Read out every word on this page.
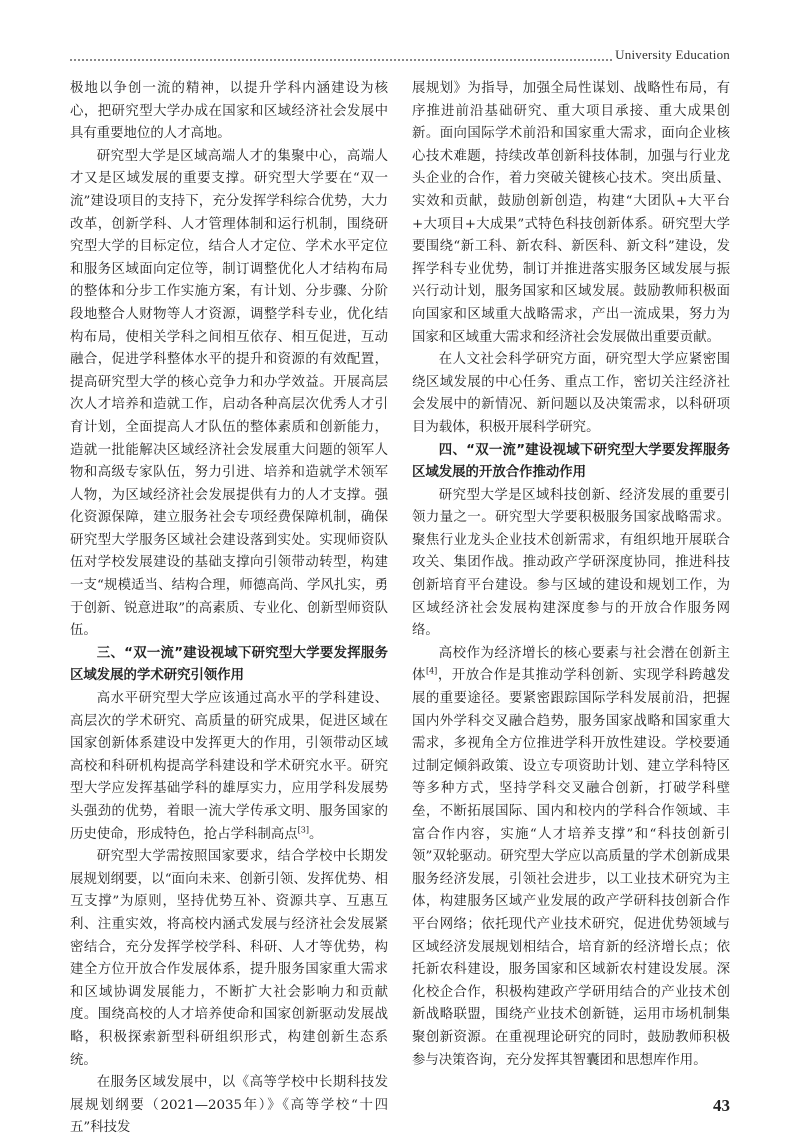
University Education

极地以争创一流的精神，以提升学科内涵建设为核心，把研究型大学办成在国家和区域经济社会发展中具有重要地位的人才高地。

研究型大学是区域高端人才的集聚中心，高端人才又是区域发展的重要支撑。研究型大学要在“双一流”建设项目的支持下，充分发挥学科综合优势，大力改革，创新学科、人才管理体制和运行机制，围绕研究型大学的目标定位，结合人才定位、学术水平定位和服务区域面向定位等，制订调整优化人才结构布局的整体和分步工作实施方案，有计划、分步骤、分阶段地整合人财物等人才资源，调整学科专业，优化结构布局，使相关学科之间相互依存、相互促进，互动融合，促进学科整体水平的提升和资源的有效配置，提高研究型大学的核心竞争力和办学效益。开展高层次人才培养和造就工作，启动各种高层次优秀人才引育计划，全面提高人才队伍的整体素质和创新能力，造就一批能解决区域经济社会发展重大问题的领军人物和高级专家队伍，努力引进、培养和造就学术领军人物，为区域经济社会发展提供有力的人才支撑。强化资源保障，建立服务社会专项经费保障机制，确保研究型大学服务区域社会建设落到实处。实现师资队伍对学校发展建设的基础支撑向引领带动转型，构建一支“规模适当、结构合理，师德高尚、学风扎实，勇于创新、锐意进取”的高素质、专业化、创新型师资队伍。

三、“双一流”建设视域下研究型大学要发挥服务区域发展的学术研究引领作用

高水平研究型大学应该通过高水平的学科建设、高层次的学术研究、高质量的研究成果，促进区域在国家创新体系建设中发挥更大的作用，引领带动区域高校和科研机构提高学科建设和学术研究水平。研究型大学应发挥基础学科的雄厚实力，应用学科发展势头强劲的优势，着眼一流大学传承文明、服务国家的历史使命，形成特色，抢占学科制高点[3]。

研究型大学需按照国家要求，结合学校中长期发展规划纲要，以“面向未来、创新引领、发挥优势、相互支撑”为原则，坚持优势互补、资源共享、互惠互利、注重实效，将高校内涵式发展与经济社会发展紧密结合，充分发挥学校学科、科研、人才等优势，构建全方位开放合作发展体系，提升服务国家重大需求和区域协调发展能力，不断扩大社会影响力和贡献度。围绕高校的人才培养使命和国家创新驱动发展战略，积极探索新型科研组织形式，构建创新生态系统。

在服务区域发展中，以《高等学校中长期科技发展规划纲要（2021—2035年）》《高等学校“十四五”科技发

展规划》为指导，加强全局性谋划、战略性布局，有序推进前沿基础研究、重大项目承接、重大成果创新。面向国际学术前沿和国家重大需求，面向企业核心技术难题，持续改革创新科技体制，加强与行业龙头企业的合作，着力突破关键核心技术。突出质量、实效和贡献，鼓励创新创造，构建“大团队+大平台+大项目+大成果”式特色科技创新体系。研究型大学要围绕“新工科、新农科、新医科、新文科”建设，发挥学科专业优势，制订并推进落实服务区域发展与振兴行动计划，服务国家和区域发展。鼓励教师积极面向国家和区域重大战略需求，产出一流成果，努力为国家和区域重大需求和经济社会发展做出重要贡献。

在人文社会科学研究方面，研究型大学应紧密围绕区域发展的中心任务、重点工作，密切关注经济社会发展中的新情况、新问题以及决策需求，以科研项目为载体，积极开展科学研究。

四、“双一流”建设视域下研究型大学要发挥服务区域发展的开放合作推动作用

研究型大学是区域科技创新、经济发展的重要引领力量之一。研究型大学要积极服务国家战略需求。聚焦行业龙头企业技术创新需求，有组织地开展联合攻关、集团作战。推动政产学研深度协同，推进科技创新培育平台建设。参与区域的建设和规划工作，为区域经济社会发展构建深度参与的开放合作服务网络。

高校作为经济增长的核心要素与社会潜在创新主体[4]，开放合作是其推动学科创新、实现学科跨越发展的重要途径。要紧密跟踪国际学科发展前沿，把握国内外学科交叉融合趋势，服务国家战略和国家重大需求，多视角全方位推进学科开放性建设。学校要通过制定倾斜政策、设立专项资助计划、建立学科特区等多种方式，坚持学科交叉融合创新，打破学科壁垒，不断拓展国际、国内和校内的学科合作领域、丰富合作内容，实施“人才培养支撑”和“科技创新引领”双轮驱动。研究型大学应以高质量的学术创新成果服务经济发展，引领社会进步，以工业技术研究为主体，构建服务区域产业发展的政产学研科技创新合作平台网络；依托现代产业技术研究，促进优势领域与区域经济发展规划相结合，培育新的经济增长点；依托新农科建设，服务国家和区域新农村建设发展。深化校企合作，积极构建政产学研用结合的产业技术创新战略联盟，围绕产业技术创新链，运用市场机制集聚创新资源。在重视理论研究的同时，鼓励教师积极参与决策咨询，充分发挥其智囊团和思想库作用。

43
